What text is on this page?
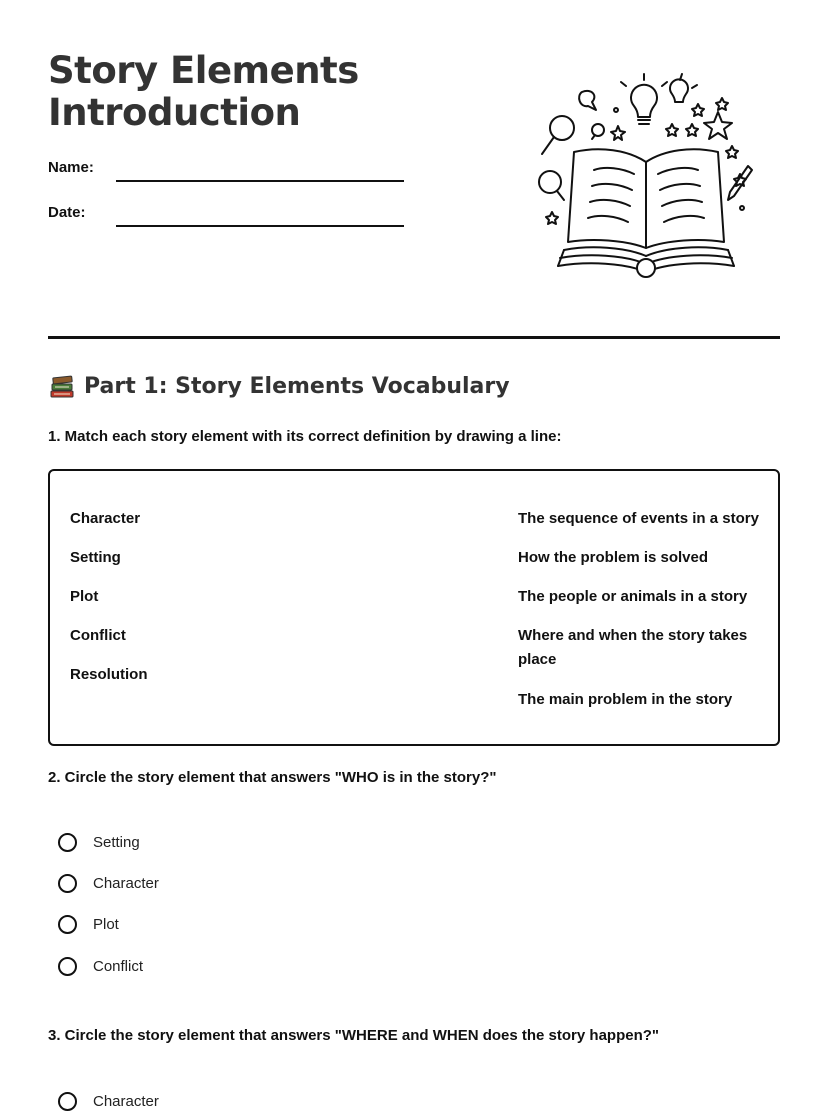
Story Elements
Introduction
Name:
Date:
Part 1: Story Elements Vocabulary

1. Match each story element with its correct definition by drawing a line:

Character
Setting
Plot
Conflict
Resolution
The sequence of events in a story
How the problem is solved
The people or animals in a story
Where and when the story takes place
The main problem in the story

2. Circle the story element that answers "WHO is in the story?"

Setting
Character
Plot
Conflict

3. Circle the story element that answers "WHERE and WHEN does the story happen?"

Character
